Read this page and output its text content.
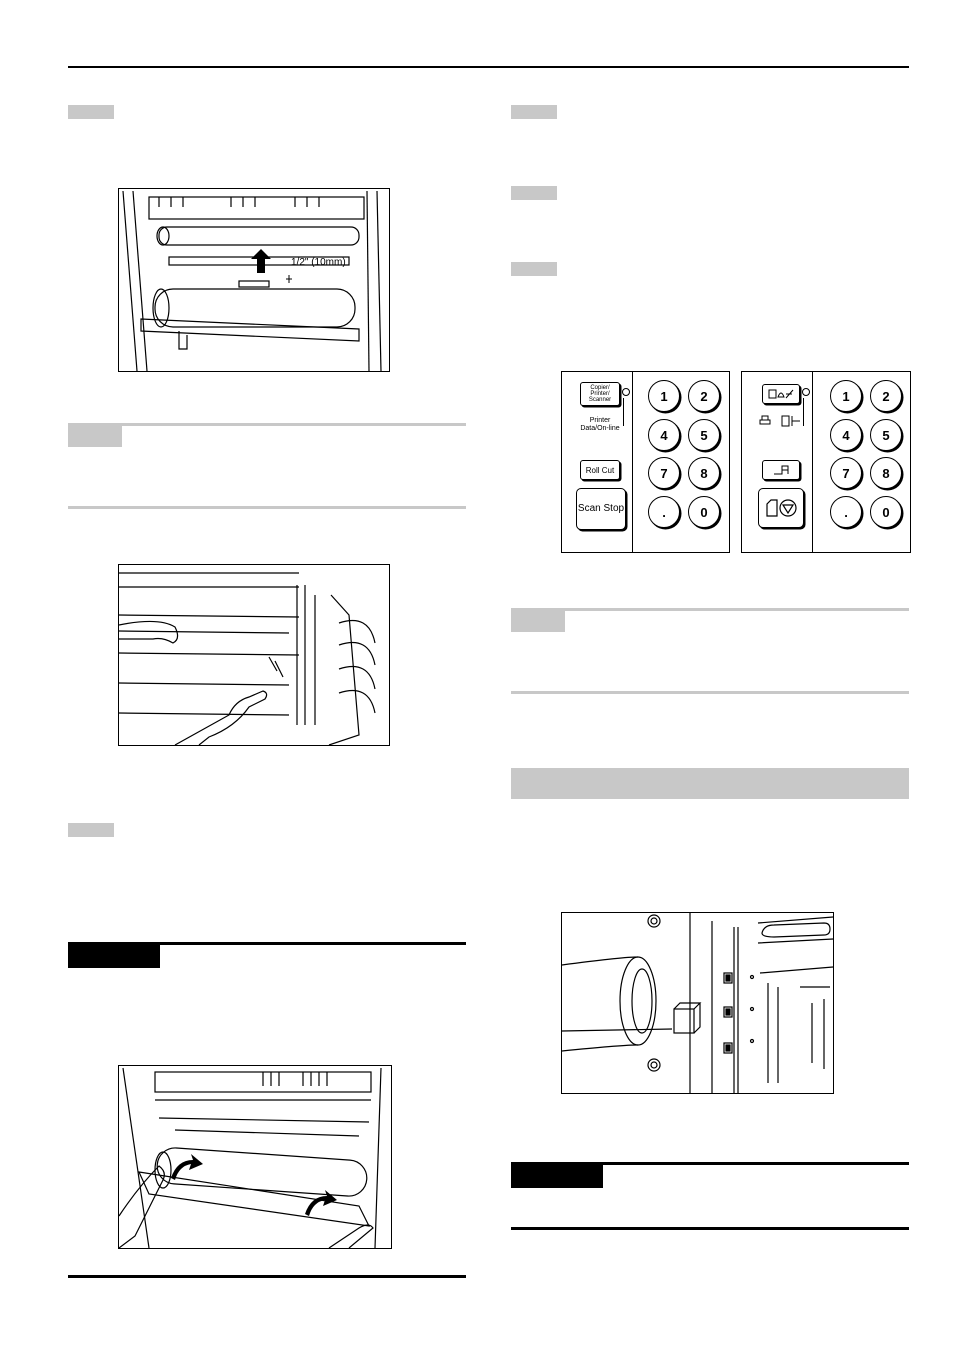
1/2" (10mm)
Copier/ Printer/ Scanner
Printer Data/On-line
Roll Cut
Scan Stop
1	2
4	5
7	8
.	0
1	2
4	5
7	8
.	0
